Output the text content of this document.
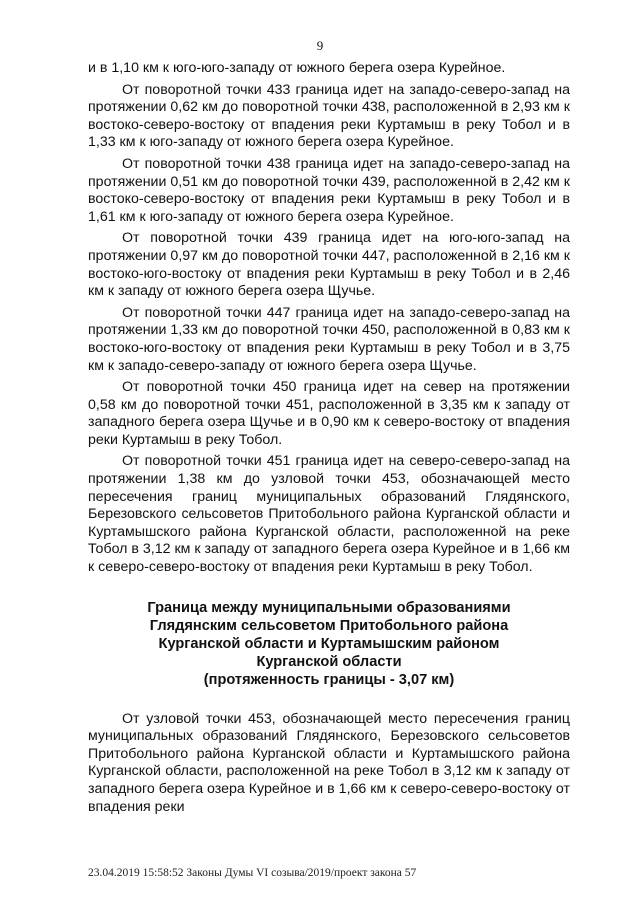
9

и в 1,10 км к юго-юго-западу от южного берега озера Курейное.

От поворотной точки 433 граница идет на западо-северо-запад на протяжении 0,62 км до поворотной точки 438, расположенной в 2,93 км к востоко-северо-востоку от впадения реки Куртамыш в реку Тобол и в 1,33 км к юго-западу от южного берега озера Курейное.

От поворотной точки 438 граница идет на западо-северо-запад на протяжении 0,51 км до поворотной точки 439, расположенной в 2,42 км к востоко-северо-востоку от впадения реки Куртамыш в реку Тобол и в 1,61 км к юго-западу от южного берега озера Курейное.

От поворотной точки 439 граница идет на юго-юго-запад на протяжении 0,97 км до поворотной точки 447, расположенной в 2,16 км к востоко-юго-востоку от впадения реки Куртамыш в реку Тобол и в 2,46 км к западу от южного берега озера Щучье.

От поворотной точки 447 граница идет на западо-северо-запад на протяжении 1,33 км до поворотной точки 450, расположенной в 0,83 км к востоко-юго-востоку от впадения реки Куртамыш в реку Тобол и в 3,75 км к западо-северо-западу от южного берега озера Щучье.

От поворотной точки 450 граница идет на север на протяжении 0,58 км до поворотной точки 451, расположенной в 3,35 км к западу от западного берега озера Щучье и в 0,90 км к северо-востоку от впадения реки Куртамыш в реку Тобол.

От поворотной точки 451 граница идет на северо-северо-запад на протяжении 1,38 км до узловой точки 453, обозначающей место пересечения границ муниципальных образований Глядянского, Березовского сельсоветов Притобольного района Курганской области и Куртамышского района Курганской области, расположенной на реке Тобол в 3,12 км к западу от западного берега озера Курейное и в 1,66 км к северо-северо-востоку от впадения реки Куртамыш в реку Тобол.

Граница между муниципальными образованиями
Глядянским сельсоветом Притобольного района
Курганской области и Куртамышским районом
Курганской области
(протяженность границы - 3,07 км)

От узловой точки 453, обозначающей место пересечения границ муниципальных образований Глядянского, Березовского сельсоветов Притобольного района Курганской области и Куртамышского района Курганской области, расположенной на реке Тобол в 3,12 км к западу от западного берега озера Курейное и в 1,66 км к северо-северо-востоку от впадения реки

23.04.2019 15:58:52 Законы Думы VI созыва/2019/проект закона 57
